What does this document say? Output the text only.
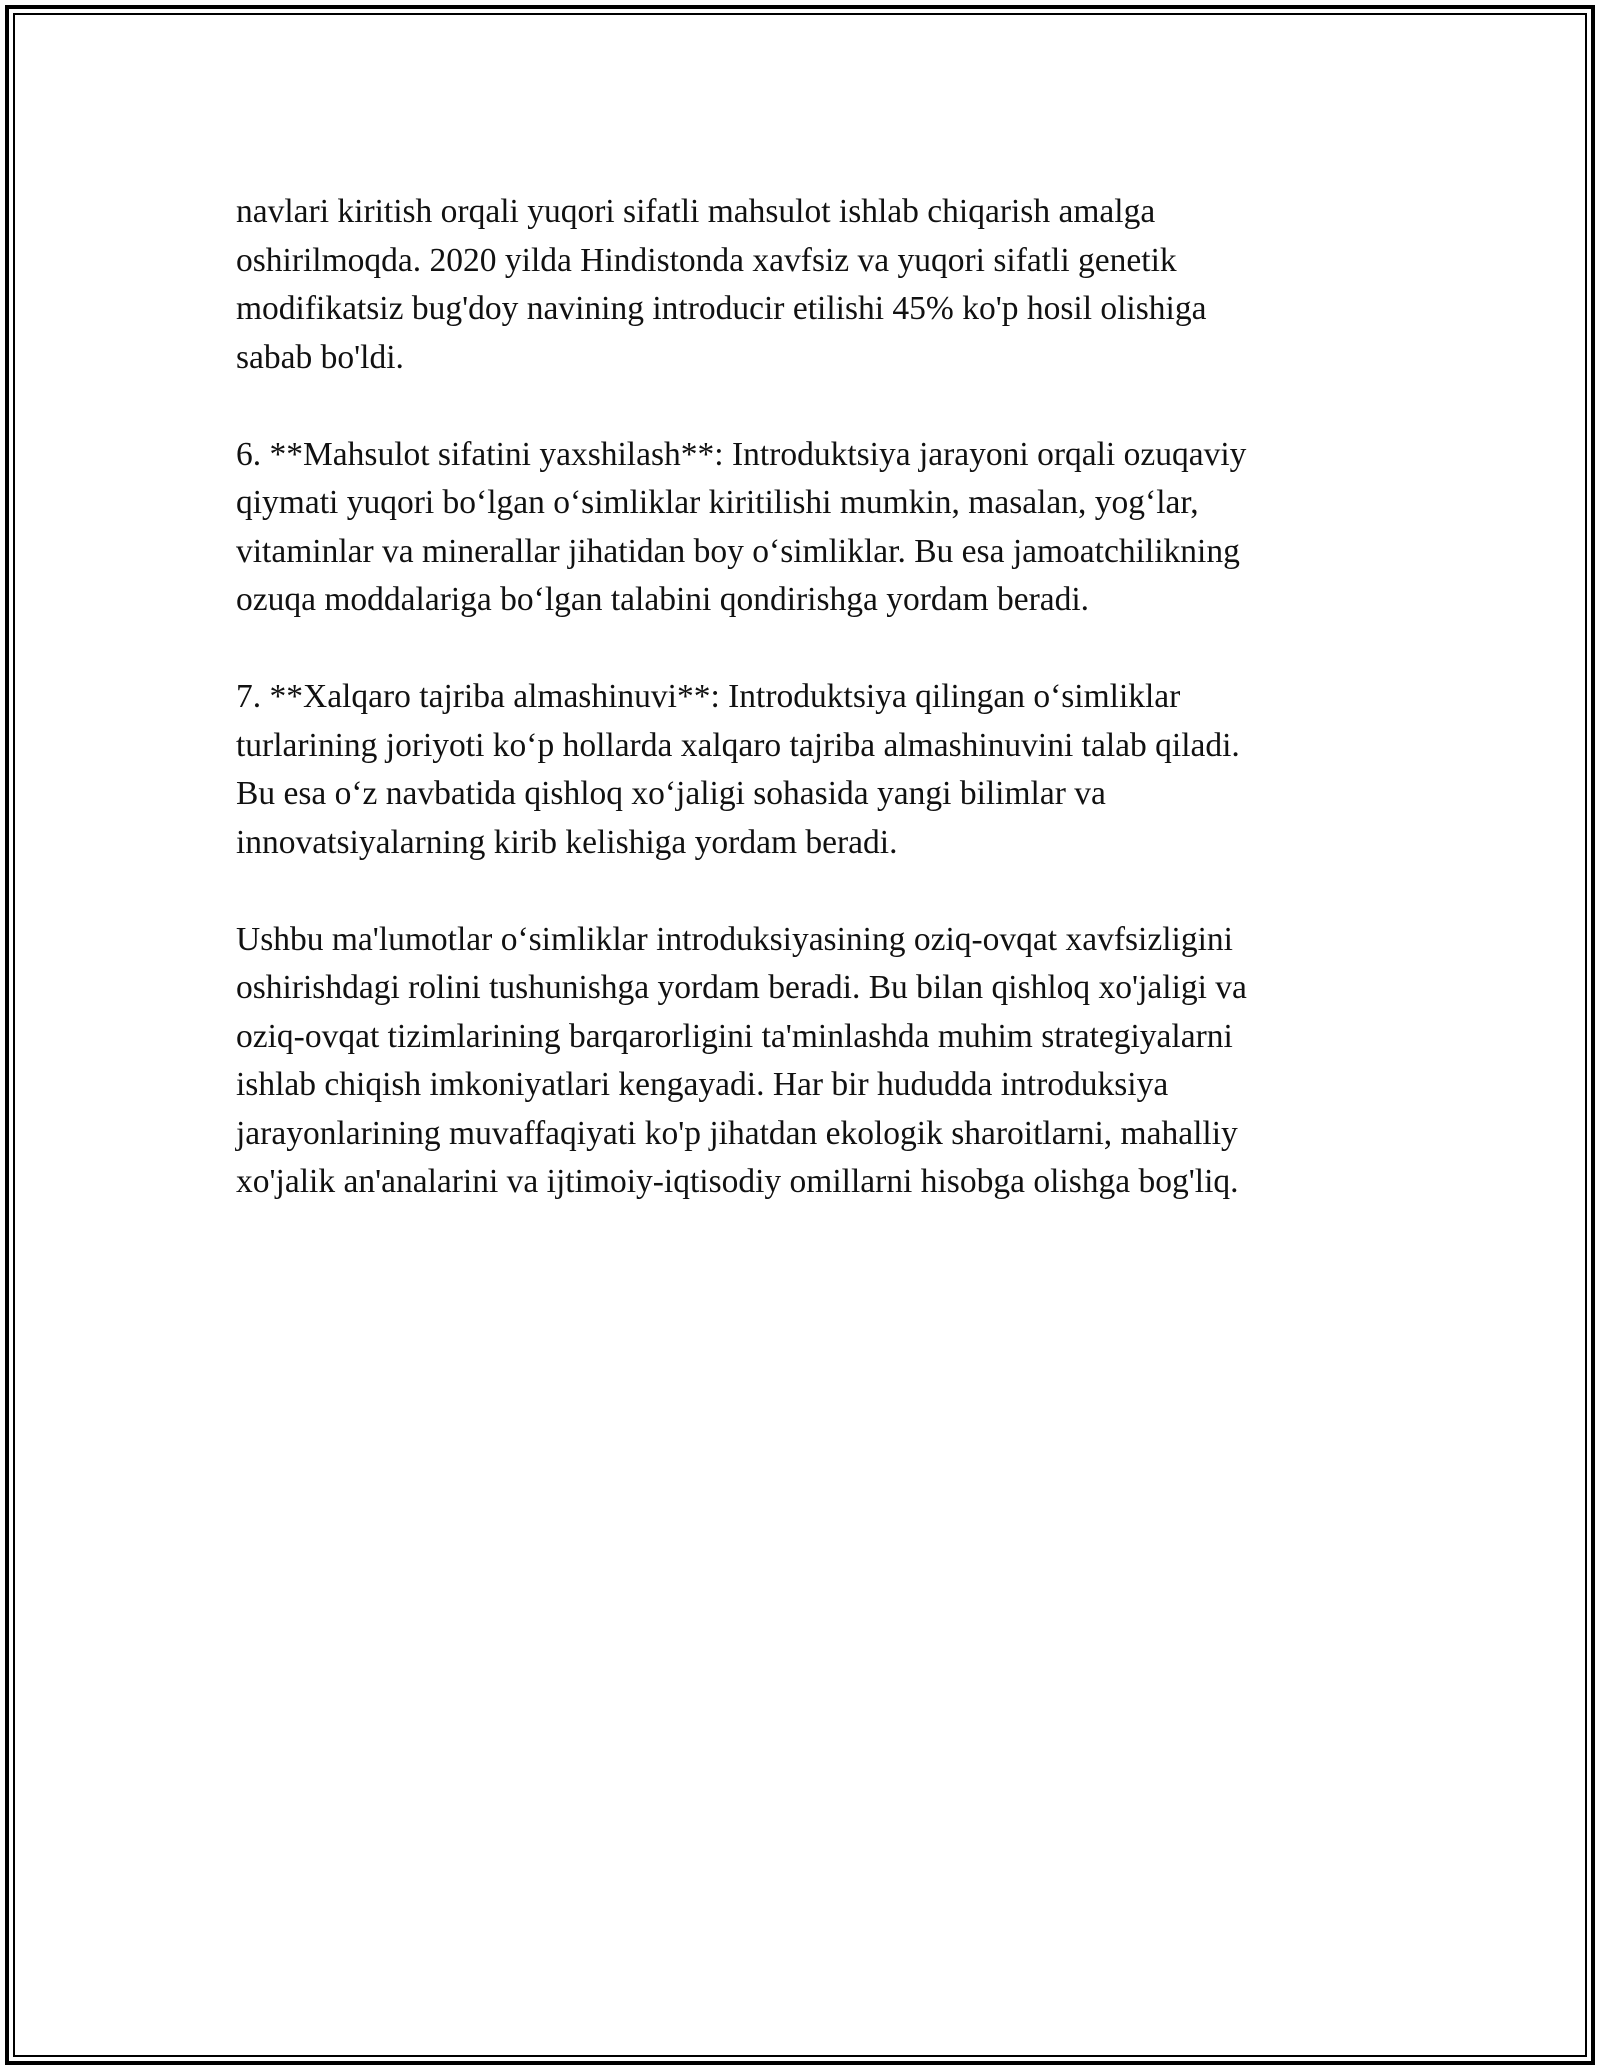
navlari kiritish orqali yuqori sifatli mahsulot ishlab chiqarish amalga
oshirilmoqda. 2020 yilda Hindistonda xavfsiz va yuqori sifatli genetik
modifikatsiz bug'doy navining introducir etilishi 45% ko'p hosil olishiga
sabab bo'ldi.

6. **Mahsulot sifatini yaxshilash**: Introduktsiya jarayoni orqali ozuqaviy
qiymati yuqori boʻlgan oʻsimliklar kiritilishi mumkin, masalan, yogʻlar,
vitaminlar va minerallar jihatidan boy oʻsimliklar. Bu esa jamoatchilikning
ozuqa moddalariga boʻlgan talabini qondirishga yordam beradi.

7. **Xalqaro tajriba almashinuvi**: Introduktsiya qilingan oʻsimliklar
turlarining joriyoti koʻp hollarda xalqaro tajriba almashinuvini talab qiladi.
Bu esa oʻz navbatida qishloq xoʻjaligi sohasida yangi bilimlar va
innovatsiyalarning kirib kelishiga yordam beradi.

Ushbu ma'lumotlar oʻsimliklar introduksiyasining oziq-ovqat xavfsizligini
oshirishdagi rolini tushunishga yordam beradi. Bu bilan qishloq xo'jaligi va
oziq-ovqat tizimlarining barqarorligini ta'minlashda muhim strategiyalarni
ishlab chiqish imkoniyatlari kengayadi. Har bir hududda introduksiya
jarayonlarining muvaffaqiyati ko'p jihatdan ekologik sharoitlarni, mahalliy
xo'jalik an'analarini va ijtimoiy-iqtisodiy omillarni hisobga olishga bog'liq.
